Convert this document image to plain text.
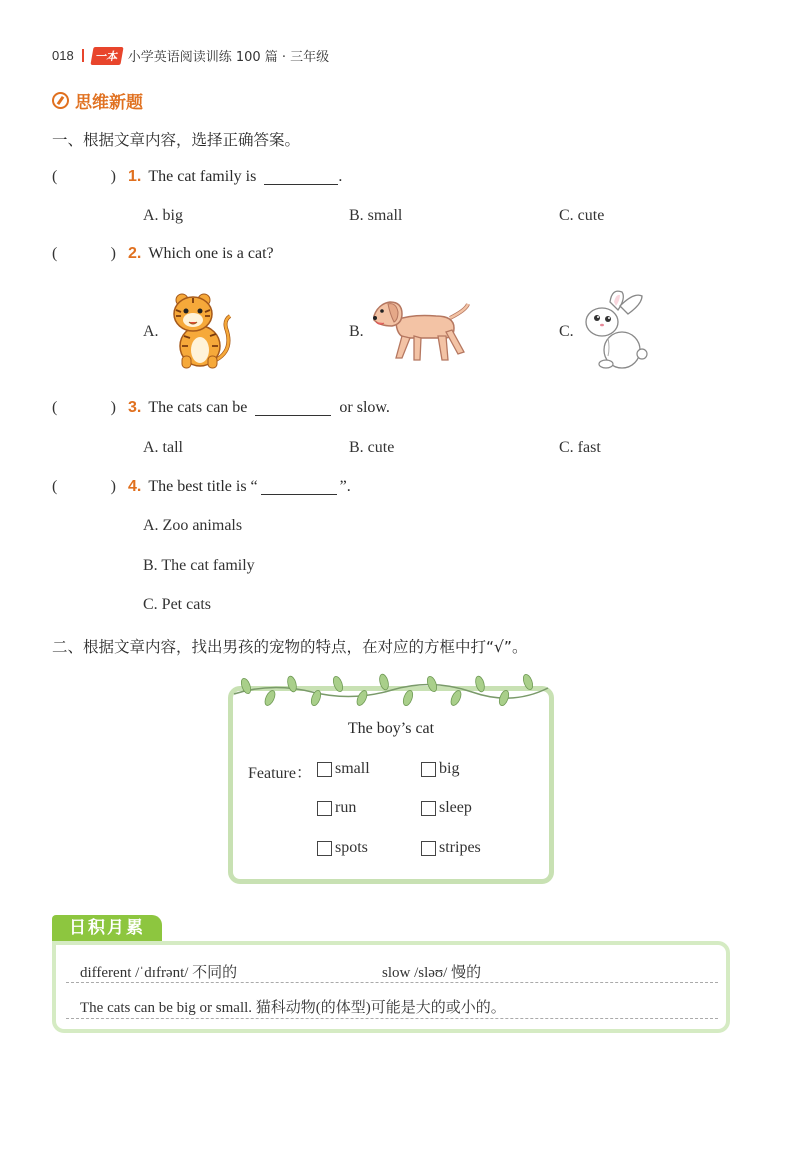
018	一本 小学英语阅读训练 100 篇 · 三年级
思维新题
一、根据文章内容，选择正确答案。
(	) 1. The cat family is	.
A. big	B. small	C. cute
(	) 2. Which one is a cat?
A.	B.	C.
(	) 3. The cats can be	or slow.
A. tall	B. cute	C. fast
(	) 4. The best title is “	”.
A. Zoo animals
B. The cat family
C. Pet cats
二、根据文章内容，找出男孩的宠物的特点，在对应的方框中打“√”。
The boy’s cat
Feature： small	big
run	sleep
spots	stripes
日积月累
different /ˈdɪfrənt/ 不同的	slow /sləʊ/ 慢的
The cats can be big or small. 猫科动物(的体型)可能是大的或小的。
